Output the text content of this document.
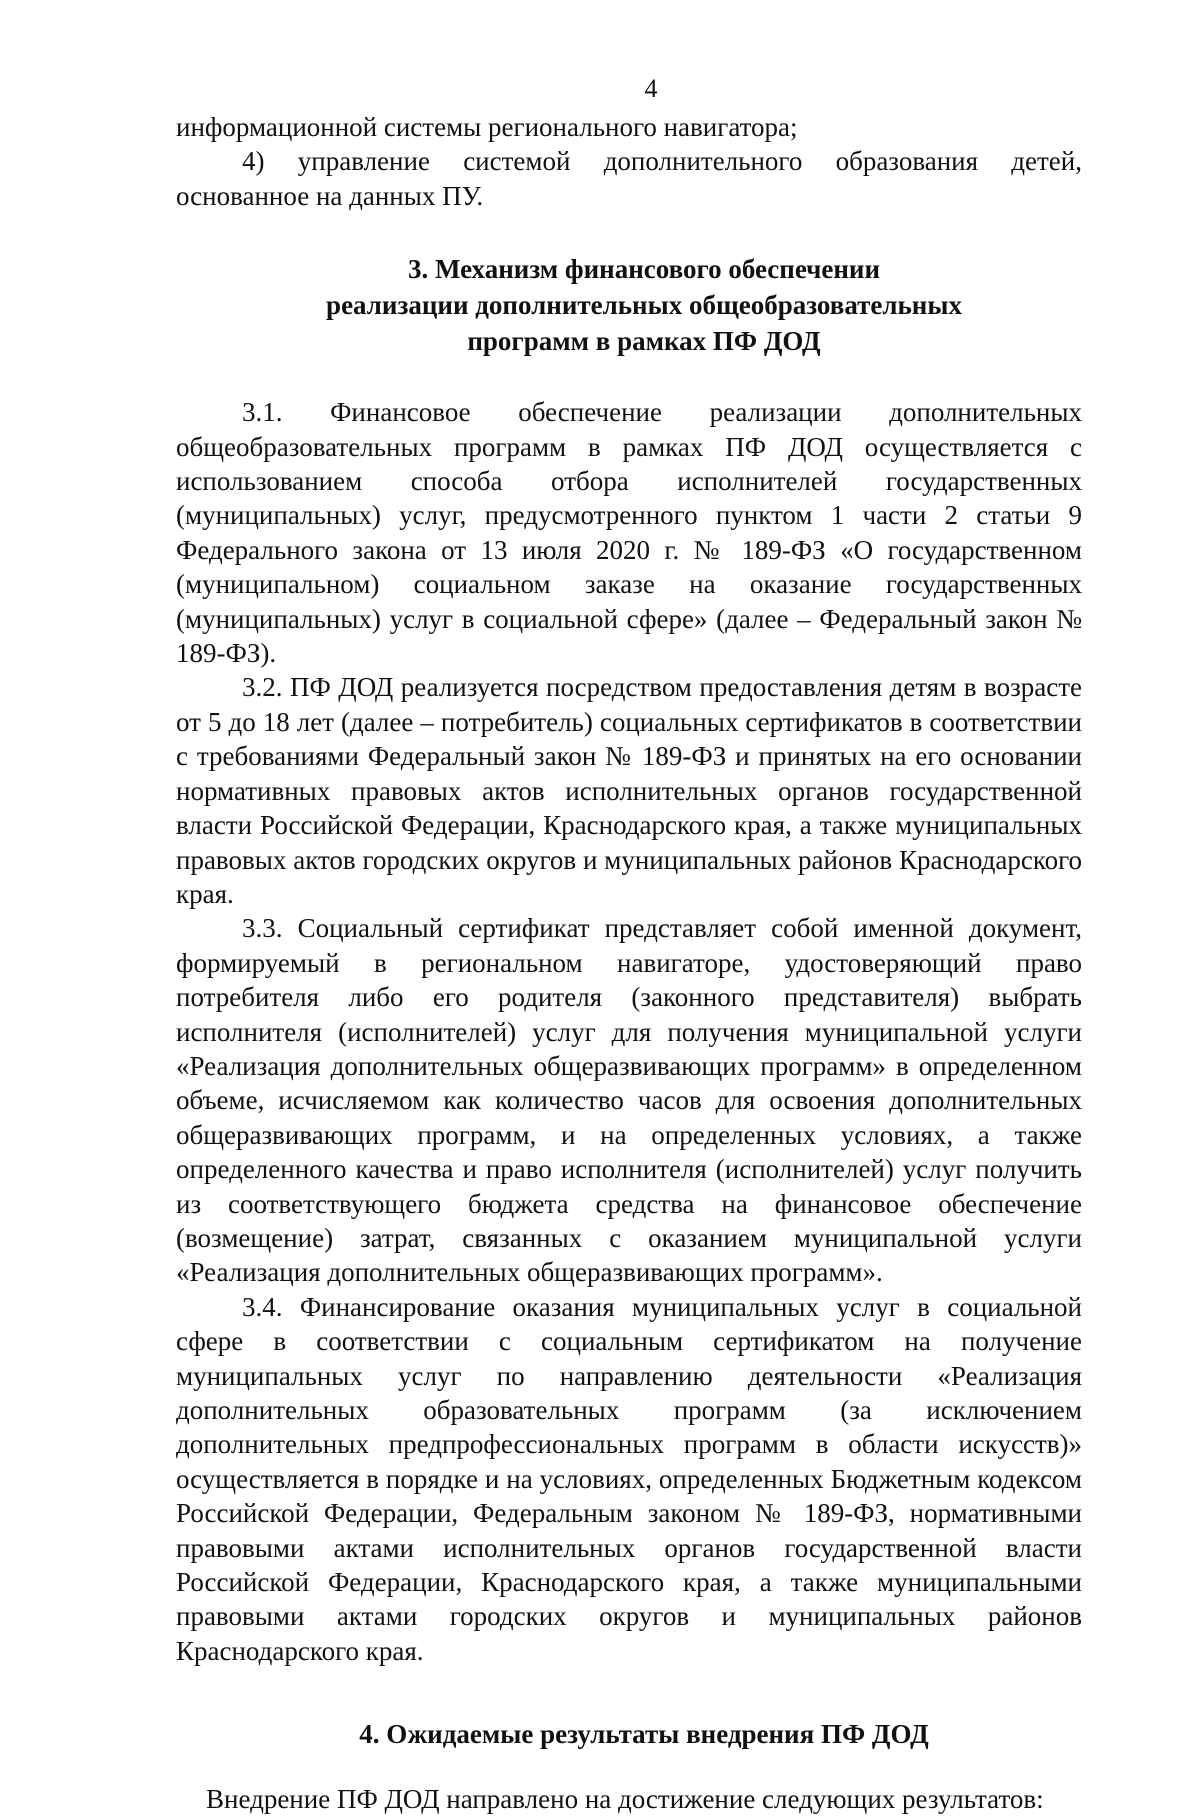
4

информационной системы регионального навигатора;

4) управление системой дополнительного образования детей, основанное на данных ПУ.

3. Механизм финансового обеспечении
реализации дополнительных общеобразовательных
программ в рамках ПФ ДОД

3.1. Финансовое обеспечение реализации дополнительных общеобразовательных программ в рамках ПФ ДОД осуществляется с использованием способа отбора исполнителей государственных (муниципальных) услуг, предусмотренного пунктом 1 части 2 статьи 9 Федерального закона от 13 июля 2020 г. № 189-ФЗ «О государственном (муниципальном) социальном заказе на оказание государственных (муниципальных) услуг в социальной сфере» (далее – Федеральный закон № 189-ФЗ).

3.2. ПФ ДОД реализуется посредством предоставления детям в возрасте от 5 до 18 лет (далее – потребитель) социальных сертификатов в соответствии с требованиями Федеральный закон № 189-ФЗ и принятых на его основании нормативных правовых актов исполнительных органов государственной власти Российской Федерации, Краснодарского края, а также муниципальных правовых актов городских округов и муниципальных районов Краснодарского края.

3.3. Социальный сертификат представляет собой именной документ, формируемый в региональном навигаторе, удостоверяющий право потребителя либо его родителя (законного представителя) выбрать исполнителя (исполнителей) услуг для получения муниципальной услуги «Реализация дополнительных общеразвивающих программ» в определенном объеме, исчисляемом как количество часов для освоения дополнительных общеразвивающих программ, и на определенных условиях, а также определенного качества и право исполнителя (исполнителей) услуг получить из соответствующего бюджета средства на финансовое обеспечение (возмещение) затрат, связанных с оказанием муниципальной услуги «Реализация дополнительных общеразвивающих программ».

3.4. Финансирование оказания муниципальных услуг в социальной сфере в соответствии с социальным сертификатом на получение муниципальных услуг по направлению деятельности «Реализация дополнительных образовательных программ (за исключением дополнительных предпрофессиональных программ в области искусств)» осуществляется в порядке и на условиях, определенных Бюджетным кодексом Российской Федерации, Федеральным законом № 189-ФЗ, нормативными правовыми актами исполнительных органов государственной власти Российской Федерации, Краснодарского края, а также муниципальными правовыми актами городских округов и муниципальных районов Краснодарского края.

4. Ожидаемые результаты внедрения ПФ ДОД

Внедрение ПФ ДОД направлено на достижение следующих результатов:
